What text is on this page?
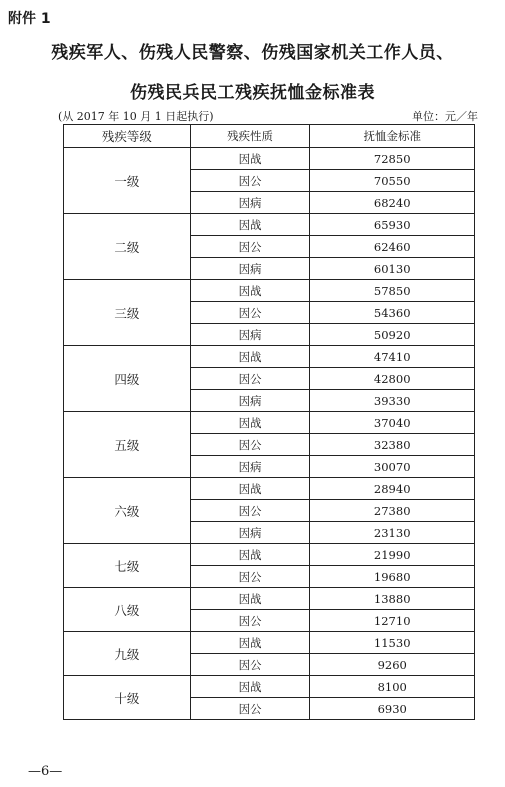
附件 1
残疾军人、伤残人民警察、伤残国家机关工作人员、
伤残民兵民工残疾抚恤金标准表
(从 2017 年 10 月 1 日起执行)	单位：元／年
残疾等级	残疾性质	抚恤金标准
一级	因战	72850
	因公	70550
	因病	68240
二级	因战	65930
	因公	62460
	因病	60130
三级	因战	57850
	因公	54360
	因病	50920
四级	因战	47410
	因公	42800
	因病	39330
五级	因战	37040
	因公	32380
	因病	30070
六级	因战	28940
	因公	27380
	因病	23130
七级	因战	21990
	因公	19680
八级	因战	13880
	因公	12710
九级	因战	11530
	因公	9260
十级	因战	8100
	因公	6930
—6—
